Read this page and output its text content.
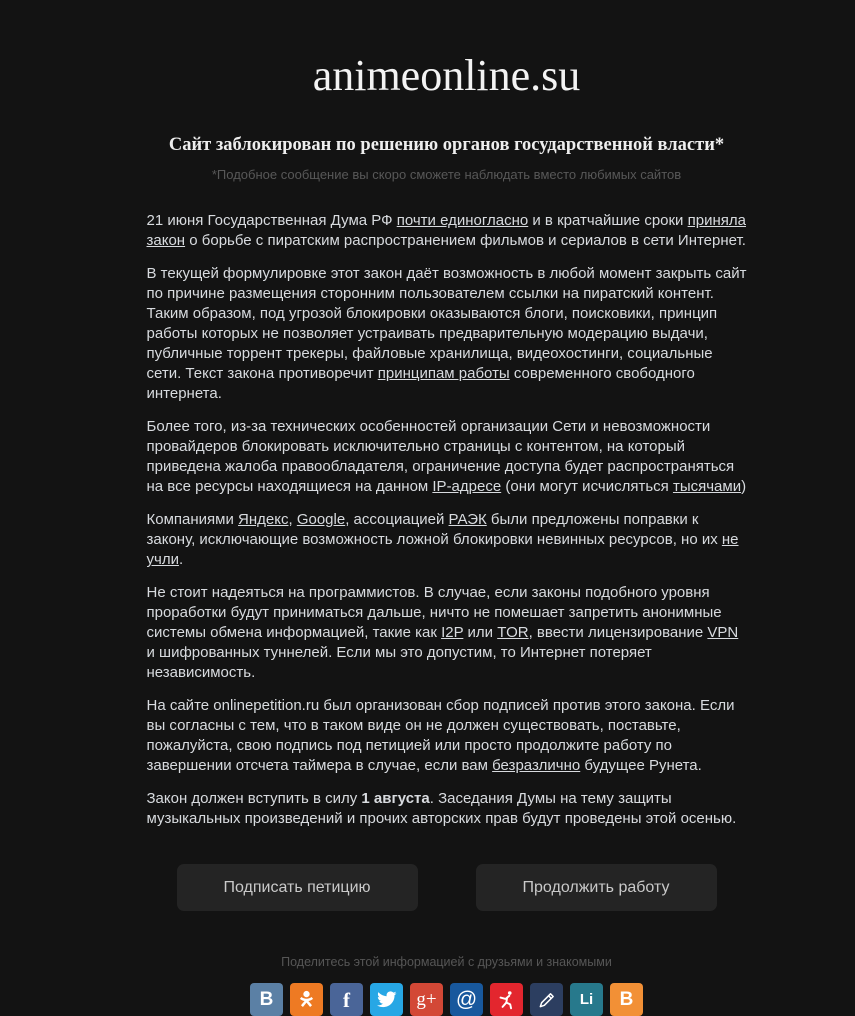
animeonline.su
Сайт заблокирован по решению органов государственной власти*
*Подобное сообщение вы скоро сможете наблюдать вместо любимых сайтов

21 июня Государственная Дума РФ почти единогласно и в кратчайшие сроки приняла закон о борьбе с пиратским распространением фильмов и сериалов в сети Интернет.

В текущей формулировке этот закон даёт возможность в любой момент закрыть сайт по причине размещения сторонним пользователем ссылки на пиратский контент. Таким образом, под угрозой блокировки оказываются блоги, поисковики, принцип работы которых не позволяет устраивать предварительную модерацию выдачи, публичные торрент трекеры, файловые хранилища, видеохостинги, социальные сети. Текст закона противоречит принципам работы современного свободного интернета.

Более того, из-за технических особенностей организации Сети и невозможности провайдеров блокировать исключительно страницы с контентом, на который приведена жалоба правообладателя, ограничение доступа будет распространяться на все ресурсы находящиеся на данном IP-адресе (они могут исчисляться тысячами)

Компаниями Яндекс, Google, ассоциацией РАЭК были предложены поправки к закону, исключающие возможность ложной блокировки невинных ресурсов, но их не учли.

Не стоит надеяться на программистов. В случае, если законы подобного уровня проработки будут приниматься дальше, ничто не помешает запретить анонимные системы обмена информацией, такие как I2P или TOR, ввести лицензирование VPN и шифрованных туннелей. Если мы это допустим, то Интернет потеряет независимость.

На сайте onlinepetition.ru был организован сбор подписей против этого закона. Если вы согласны с тем, что в таком виде он не должен существовать, поставьте, пожалуйста, свою подпись под петицией или просто продолжите работу по завершении отсчета таймера в случае, если вам безразлично будущее Рунета.

Закон должен вступить в силу 1 августа. Заседания Думы на тему защиты музыкальных произведений и прочих авторских прав будут проведены этой осенью.

Подписать петицию	Продолжить работу
Поделитесь этой информацией с друзьями и знакомыми
В	f	g+ @	Li B
